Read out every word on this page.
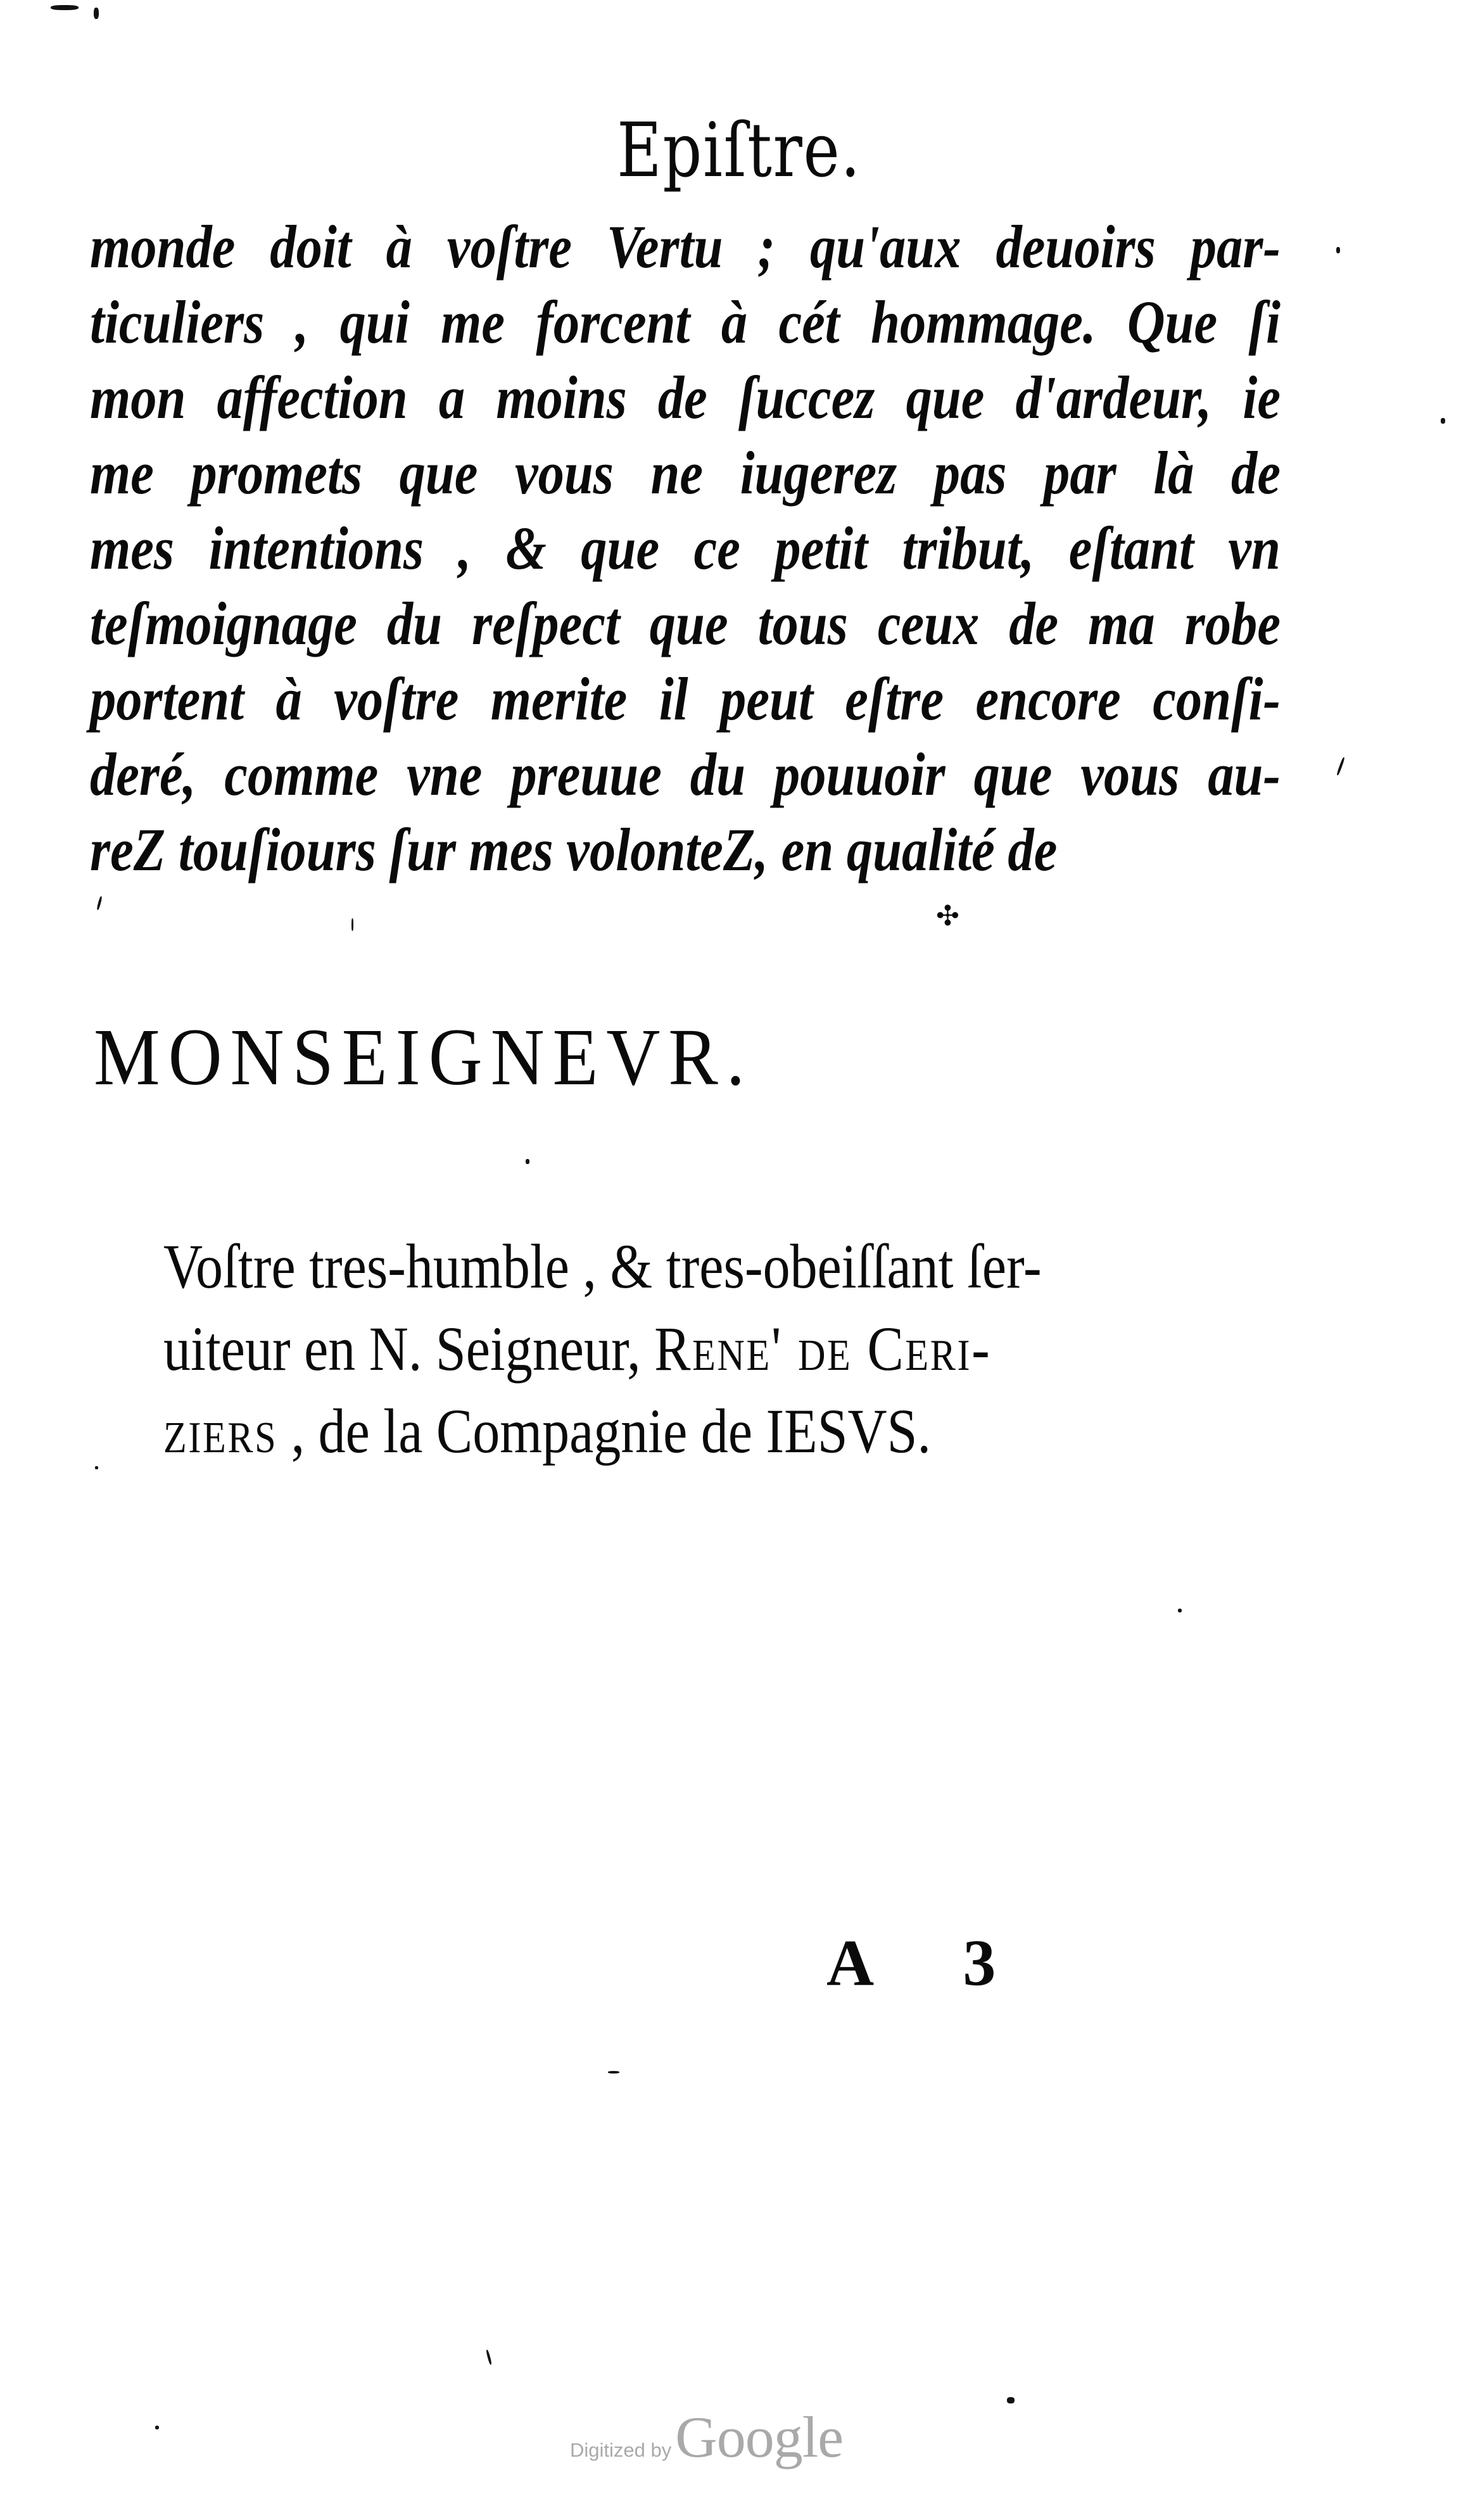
Epiſtre.
monde doit à voſtre Vertu ; qu'aux deuoirs par-
ticuliers , qui me forcent à cét hommage. Que ſi
mon affection a moins de ſuccez que d'ardeur, ie
me promets que vous ne iugerez pas par là de
mes intentions , & que ce petit tribut, eſtant vn
teſmoignage du reſpect que tous ceux de ma robe
portent à voſtre merite il peut eſtre encore conſi-
deré, comme vne preuue du pouuoir que vous au-
reZ touſiours ſur mes volonteZ, en qualité de
✣
MONSEIGNEVR.
Voſtre tres-humble , & tres-obeiſſant ſer-
uiteur en N. Seigneur, Rene' de Ceri-
ziers , de la Compagnie de IESVS.
A 3
Digitized byGoogle
